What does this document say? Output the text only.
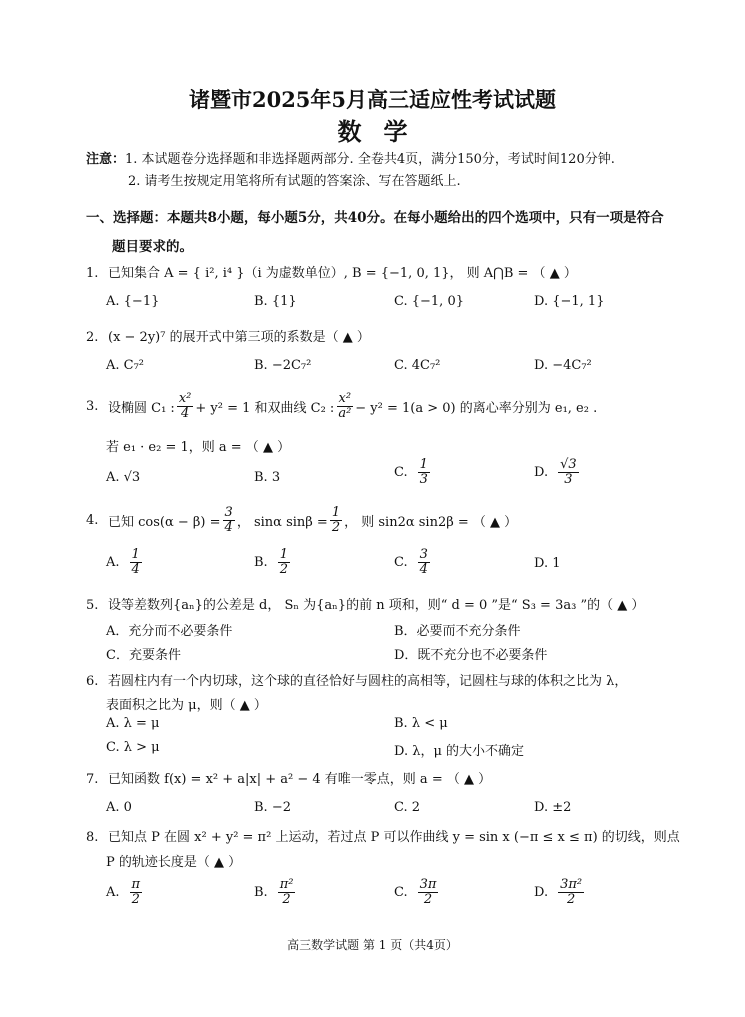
诸暨市2025年5月高三适应性考试试题
数学
注意：1. 本试题卷分选择题和非选择题两部分. 全卷共4页，满分150分，考试时间120分钟.
2. 请考生按规定用笔将所有试题的答案涂、写在答题纸上.
一、选择题：本题共8小题，每小题5分，共40分。在每小题给出的四个选项中，只有一项是符合
题目要求的。
1. 已知集合 A = { i², i⁴ }（i 为虚数单位）, B = {−1, 0, 1}， 则 A⋂B = （ ▲ ）
A. {−1}	B. {1}	C. {−1, 0}	D. {−1, 1}
2. (x − 2y)⁷ 的展开式中第三项的系数是（ ▲ ）
A. C₇²	B. −2C₇²	C. 4C₇²	D. −4C₇²
3. 设椭圆 C₁ : $\frac{\text{x²}}{4} + y^2 = 1$ 和双曲线 C₂ : $\frac{\text{x²}}{\text{a²}} - y^2 = 1(a > 0)$ 的离心率分别为 e₁, e₂ .
若 e₁ · e₂ = 1，则 a = （ ▲ ）
A. √3	B. 3	C. $\frac{1}{3}$	D. $\frac{√3}{3}$
4. 已知 $\cos(\alpha - \beta) = \frac{3}{4}$ ， sinα $\sin\beta = \frac{1}{2}$ ， 则 sin2α sin2β = （ ▲ ）
A. $\frac{1}{4}$	B. $\frac{1}{2}$	C. $\frac{3}{4}$	D. 1
5. 设等差数列{aₙ}的公差是 d， Sₙ 为{aₙ}的前 n 项和，则“ d = 0 ”是“ S₃ = 3a₃ ”的（ ▲ ）
A．充分而不必要条件	B．必要而不充分条件
C．充要条件	D．既不充分也不必要条件
6. 若圆柱内有一个内切球，这个球的直径恰好与圆柱的高相等，记圆柱与球的体积之比为 λ，
表面积之比为 μ，则（ ▲ ）
A. λ = μ	B. λ < μ
C. λ > μ	D. λ，μ 的大小不确定
7. 已知函数 f(x) = x² + a|x| + a² − 4 有唯一零点，则 a = （ ▲ ）
A. 0	B. −2	C. 2	D. ±2
8. 已知点 P 在圆 x² + y² = π² 上运动，若过点 P 可以作曲线 y = sin x (−π ≤ x ≤ π) 的切线，则点
P 的轨迹长度是（ ▲ ）
A. $\frac{\pi}{2}$	B. $\frac{\text{π²}}{2}$	C. $\frac{3\pi}{2}$	D. $\frac{\text{3π²}}{2}$
高三数学试题 第 1 页（共4页）
